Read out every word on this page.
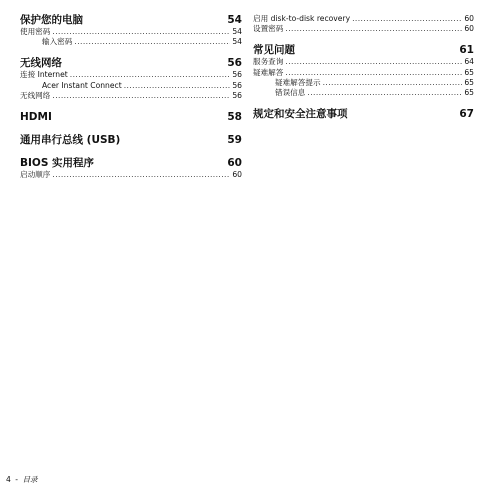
保护您的电脑	54
使用密码 .....	54
输入密码 .....	54
无线网络	56
连接 Internet .....	56
Acer Instant Connect .....	56
无线网络 .....	56
HDMI	58
通用串行总线 (USB)	59
BIOS 实用程序	60
启动顺序 .....	60
启用 disk-to-disk recovery .....	60
设置密码 .....	60
常见问题	61
服务查询 .....	64
疑难解答 .....	65
疑难解答提示 .....	65
错误信息 .....	65
规定和安全注意事项	67
4 - 目录
